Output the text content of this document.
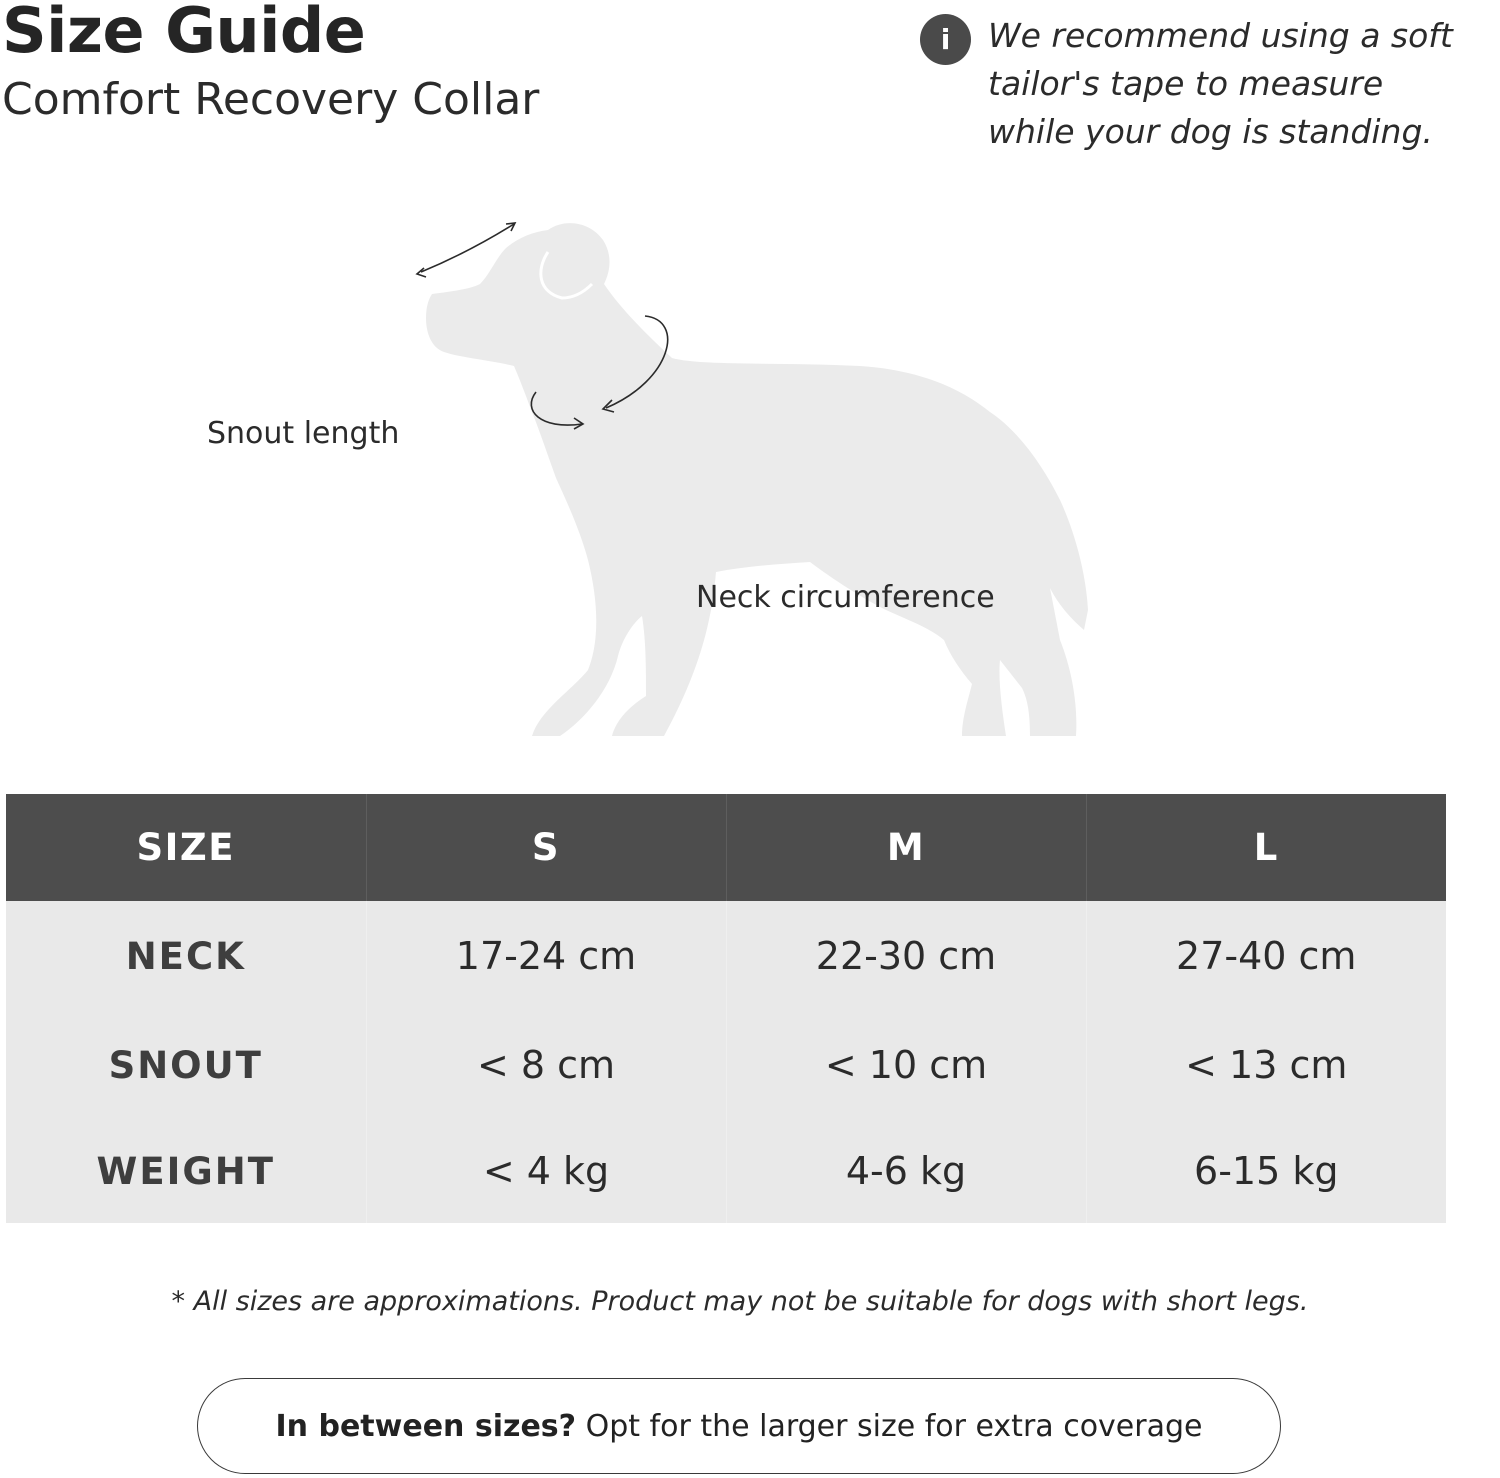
Size Guide
Comfort Recovery Collar
i	We recommend using a soft
tailor's tape to measure
while your dog is standing.

Snout length
Neck circumference
SIZE	S	M	L
NECK	17-24 cm	22-30 cm	27-40 cm
SNOUT	< 8 cm	< 10 cm	< 13 cm
WEIGHT	< 4 kg	4-6 kg	6-15 kg
* All sizes are approximations. Product may not be suitable for dogs with short legs.
In between sizes? Opt for the larger size for extra coverage
